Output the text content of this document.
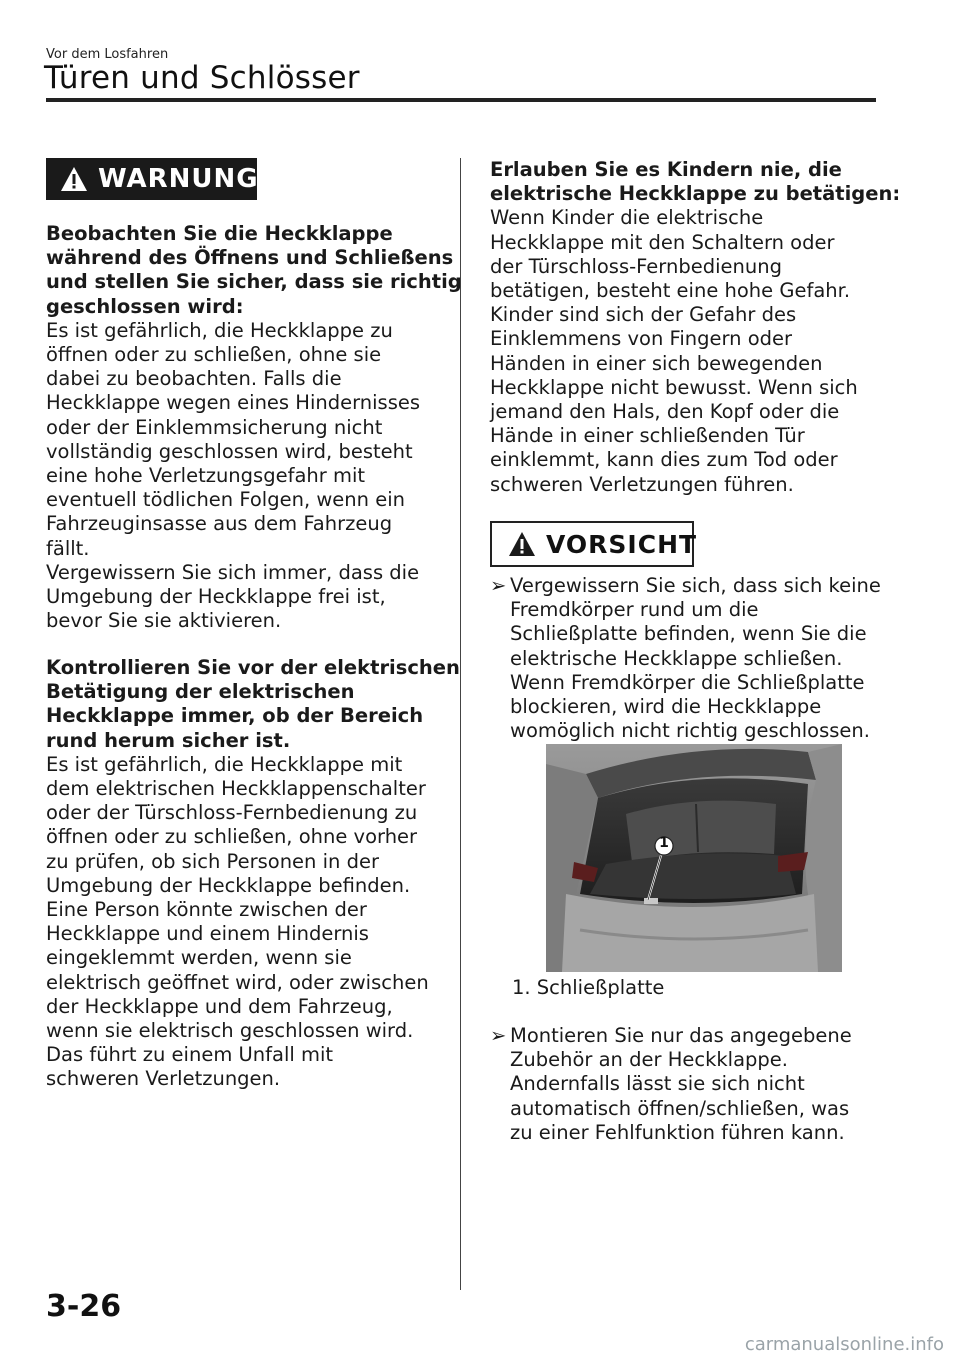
Vor dem Losfahren
Türen und Schlösser
WARNUNG

Beobachten Sie die Heckklappe
während des Öffnens und Schließens
und stellen Sie sicher, dass sie richtig
geschlossen wird:

Es ist gefährlich, die Heckklappe zu
öffnen oder zu schließen, ohne sie
dabei zu beobachten. Falls die
Heckklappe wegen eines Hindernisses
oder der Einklemmsicherung nicht
vollständig geschlossen wird, besteht
eine hohe Verletzungsgefahr mit
eventuell tödlichen Folgen, wenn ein
Fahrzeuginsasse aus dem Fahrzeug
fällt.
Vergewissern Sie sich immer, dass die
Umgebung der Heckklappe frei ist,
bevor Sie sie aktivieren.

Kontrollieren Sie vor der elektrischen
Betätigung der elektrischen
Heckklappe immer, ob der Bereich
rund herum sicher ist.

Es ist gefährlich, die Heckklappe mit
dem elektrischen Heckklappenschalter
oder der Türschloss-Fernbedienung zu
öffnen oder zu schließen, ohne vorher
zu prüfen, ob sich Personen in der
Umgebung der Heckklappe befinden.
Eine Person könnte zwischen der
Heckklappe und einem Hindernis
eingeklemmt werden, wenn sie
elektrisch geöffnet wird, oder zwischen
der Heckklappe und dem Fahrzeug,
wenn sie elektrisch geschlossen wird.
Das führt zu einem Unfall mit
schweren Verletzungen.

Erlauben Sie es Kindern nie, die
elektrische Heckklappe zu betätigen:

Wenn Kinder die elektrische
Heckklappe mit den Schaltern oder
der Türschloss-Fernbedienung
betätigen, besteht eine hohe Gefahr.
Kinder sind sich der Gefahr des
Einklemmens von Fingern oder
Händen in einer sich bewegenden
Heckklappe nicht bewusst. Wenn sich
jemand den Hals, den Kopf oder die
Hände in einer schließenden Tür
einklemmt, kann dies zum Tod oder
schweren Verletzungen führen.

VORSICHT
➢ Vergewissern Sie sich, dass sich keine
Fremdkörper rund um die
Schließplatte befinden, wenn Sie die
elektrische Heckklappe schließen.
Wenn Fremdkörper die Schließplatte
blockieren, wird die Heckklappe
womöglich nicht richtig geschlossen.

1
1. Schließplatte
➢ Montieren Sie nur das angegebene
Zubehör an der Heckklappe.
Andernfalls lässt sie sich nicht
automatisch öffnen/schließen, was
zu einer Fehlfunktion führen kann.

3-26
carmanualsonline.info
